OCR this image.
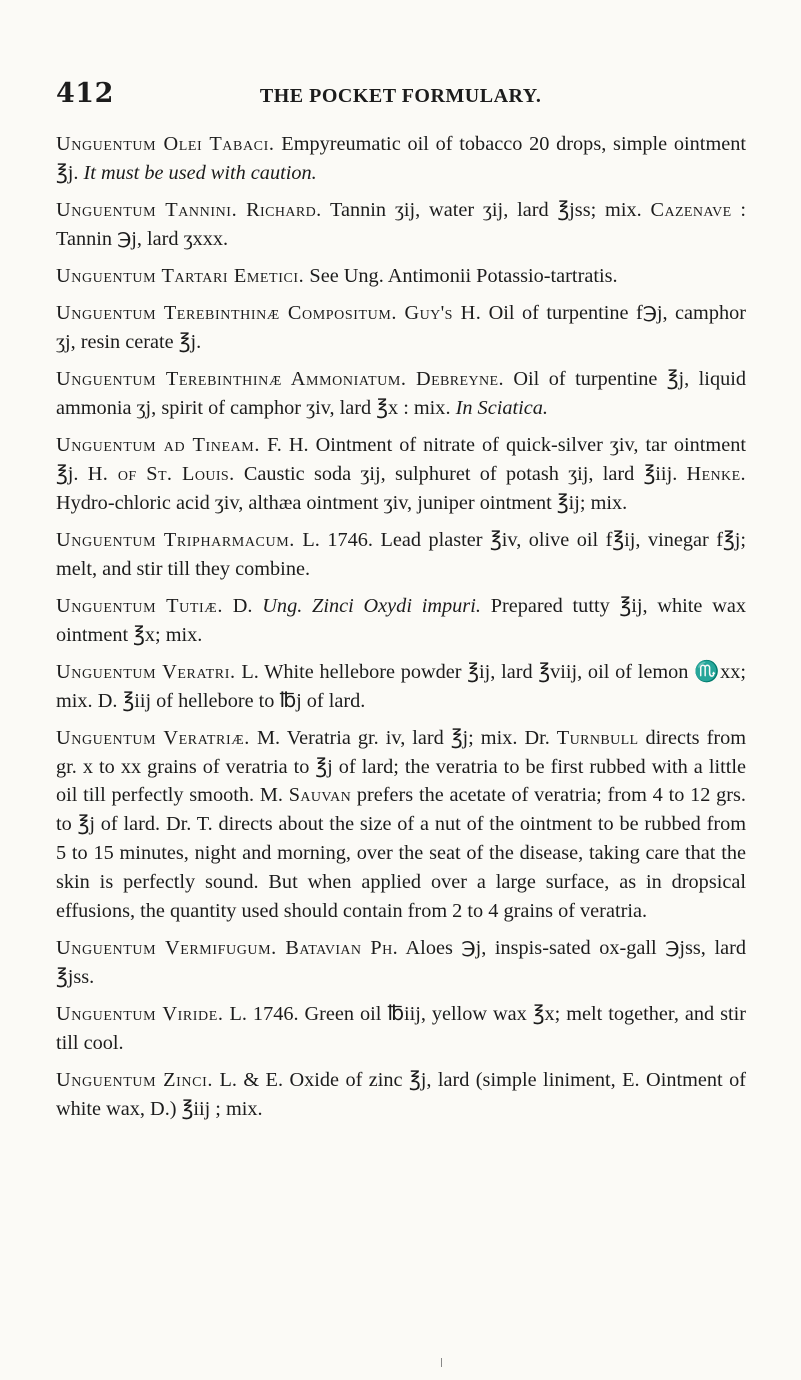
412	THE POCKET FORMULARY.

Unguentum Olei Tabaci. Empyreumatic oil of tobacco 20 drops, simple ointment ℥j. It must be used with caution.

Unguentum Tannini. Richard. Tannin ʒij, water ʒij, lard ℥jss; mix. Cazenave : Tannin ℈j, lard ʒxxx.

Unguentum Tartari Emetici. See Ung. Antimonii Potassio-tartratis.

Unguentum Terebinthinæ Compositum. Guy's H. Oil of turpentine f℈j, camphor ʒj, resin cerate ℥j.

Unguentum Terebinthinæ Ammoniatum. Debreyne. Oil of turpentine ℥j, liquid ammonia ʒj, spirit of camphor ʒiv, lard ℥x : mix. In Sciatica.

Unguentum ad Tineam. F. H. Ointment of nitrate of quick-silver ʒiv, tar ointment ℥j. H. of St. Louis. Caustic soda ʒij, sulphuret of potash ʒij, lard ℥iij. Henke. Hydro-chloric acid ʒiv, althæa ointment ʒiv, juniper ointment ℥ij; mix.

Unguentum Tripharmacum. L. 1746. Lead plaster ℥iv, olive oil f℥ij, vinegar f℥j; melt, and stir till they combine.

Unguentum Tutiæ. D. Ung. Zinci Oxydi impuri. Prepared tutty ℥ij, white wax ointment ℥x; mix.

Unguentum Veratri. L. White hellebore powder ℥ij, lard ℥viij, oil of lemon ♏xx; mix. D. ℥iij of hellebore to ℔j of lard.

Unguentum Veratriæ. M. Veratria gr. iv, lard ℥j; mix. Dr. Turnbull directs from gr. x to xx grains of veratria to ℥j of lard; the veratria to be first rubbed with a little oil till perfectly smooth. M. Sauvan prefers the acetate of veratria; from 4 to 12 grs. to ℥j of lard. Dr. T. directs about the size of a nut of the ointment to be rubbed from 5 to 15 minutes, night and morning, over the seat of the disease, taking care that the skin is perfectly sound. But when applied over a large surface, as in dropsical effusions, the quantity used should contain from 2 to 4 grains of veratria.

Unguentum Vermifugum. Batavian Ph. Aloes ℈j, inspis-sated ox-gall ℈jss, lard ℥jss.

Unguentum Viride. L. 1746. Green oil ℔iij, yellow wax ℥x; melt together, and stir till cool.

Unguentum Zinci. L. & E. Oxide of zinc ℥j, lard (simple liniment, E. Ointment of white wax, D.) ℥iij ; mix.
